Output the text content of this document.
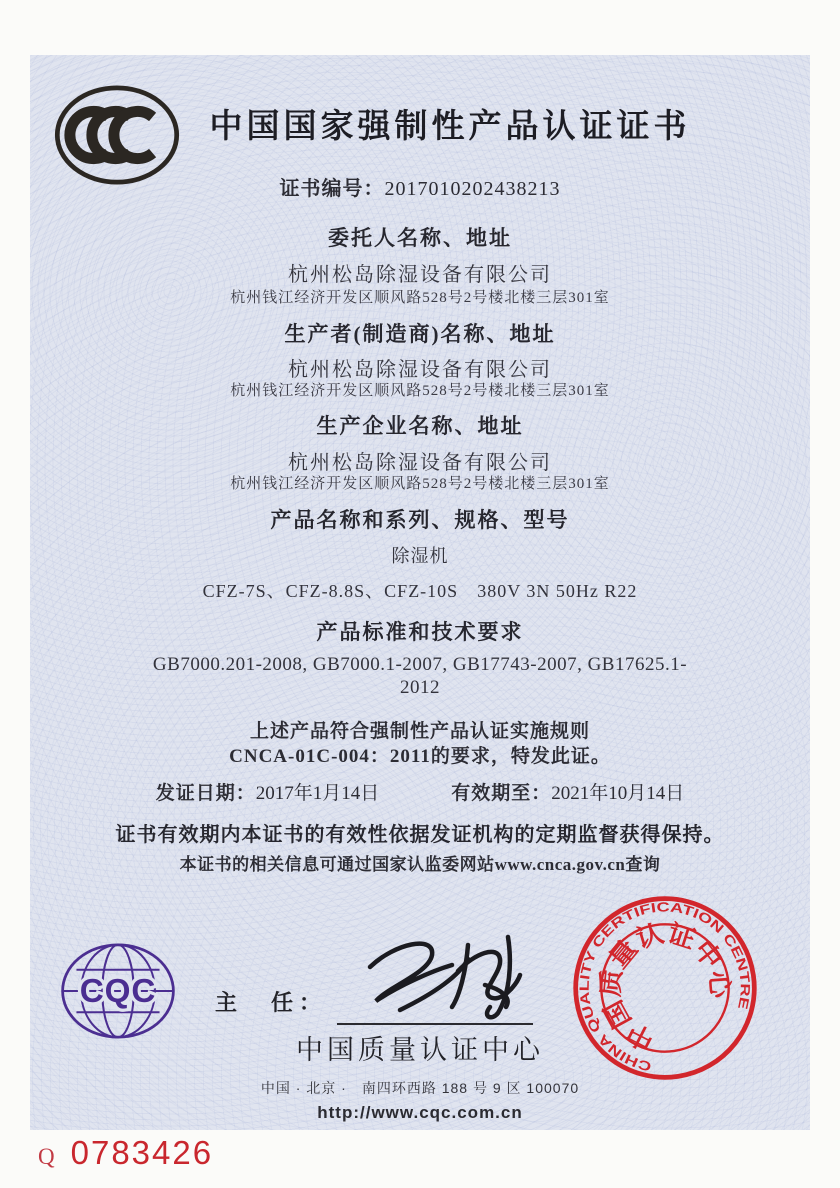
中国国家强制性产品认证证书
证书编号：2017010202438213
委托人名称、地址
杭州松岛除湿设备有限公司
杭州钱江经济开发区顺风路528号2号楼北楼三层301室
生产者(制造商)名称、地址
杭州松岛除湿设备有限公司
杭州钱江经济开发区顺风路528号2号楼北楼三层301室
生产企业名称、地址
杭州松岛除湿设备有限公司
杭州钱江经济开发区顺风路528号2号楼北楼三层301室
产品名称和系列、规格、型号
除湿机
CFZ-7S、CFZ-8.8S、CFZ-10S　380V 3N 50Hz R22
产品标准和技术要求
GB7000.201-2008, GB7000.1-2007, GB17743-2007, GB17625.1-
2012
上述产品符合强制性产品认证实施规则
CNCA-01C-004：2011的要求，特发此证。
发证日期：2017年1月14日	有效期至：2021年10月14日
证书有效期内本证书的有效性依据发证机构的定期监督获得保持。
本证书的相关信息可通过国家认监委网站www.cnca.gov.cn查询
CQC	主　任：
中国质量认证中心
中国 · 北京 ·　南四环西路 188 号 9 区 100070
http://www.cqc.com.cn
CHINA QUALITY CERTIFICATION CENTRE
中国质量认证中心
Q 0783426
